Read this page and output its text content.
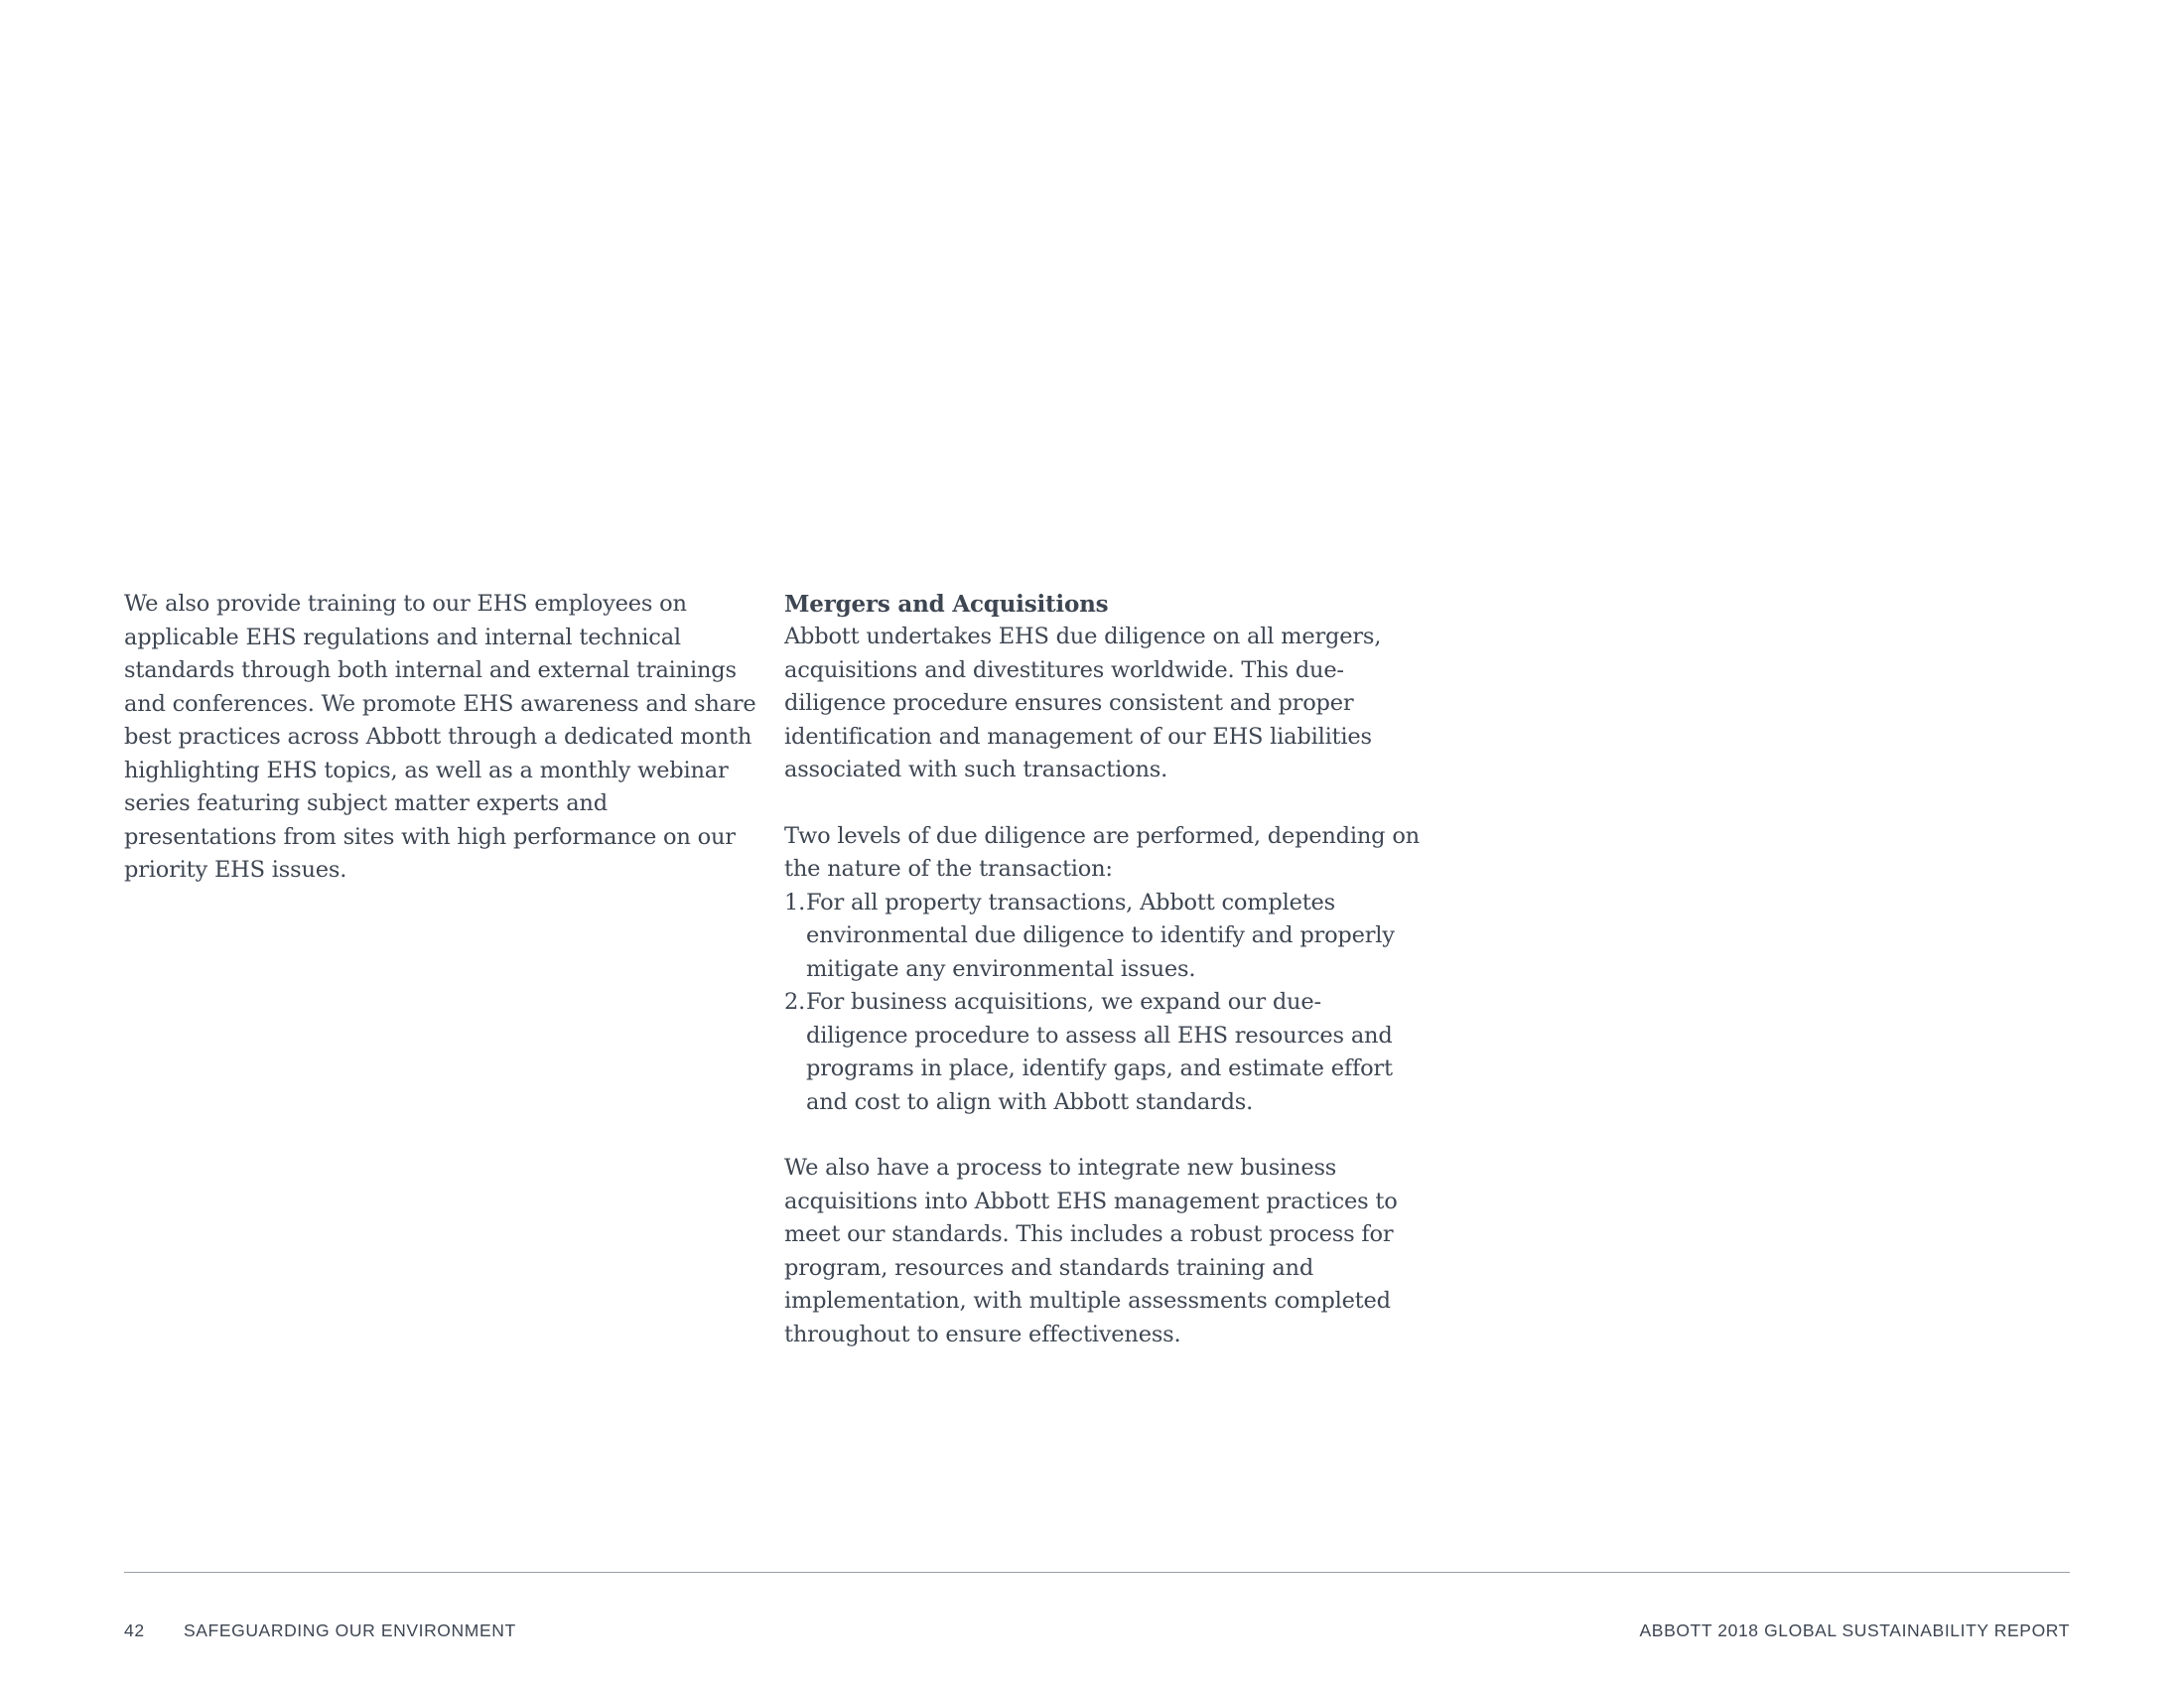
We also provide training to our EHS employees on applicable EHS regulations and internal technical standards through both internal and external trainings and conferences. We promote EHS awareness and share best practices across Abbott through a dedicated month highlighting EHS topics, as well as a monthly webinar series featuring subject matter experts and presentations from sites with high performance on our priority EHS issues.

Mergers and Acquisitions

Abbott undertakes EHS due diligence on all mergers, acquisitions and divestitures worldwide. This due-diligence procedure ensures consistent and proper identification and management of our EHS liabilities associated with such transactions.

Two levels of due diligence are performed, depending on the nature of the transaction:

1. For all property transactions, Abbott completes environmental due diligence to identify and properly mitigate any environmental issues.
2. For business acquisitions, we expand our due-diligence procedure to assess all EHS resources and programs in place, identify gaps, and estimate effort and cost to align with Abbott standards.

We also have a process to integrate new business acquisitions into Abbott EHS management practices to meet our standards. This includes a robust process for program, resources and standards training and implementation, with multiple assessments completed throughout to ensure effectiveness.

42 SAFEGUARDING OUR ENVIRONMENT	ABBOTT 2018 GLOBAL SUSTAINABILITY REPORT
